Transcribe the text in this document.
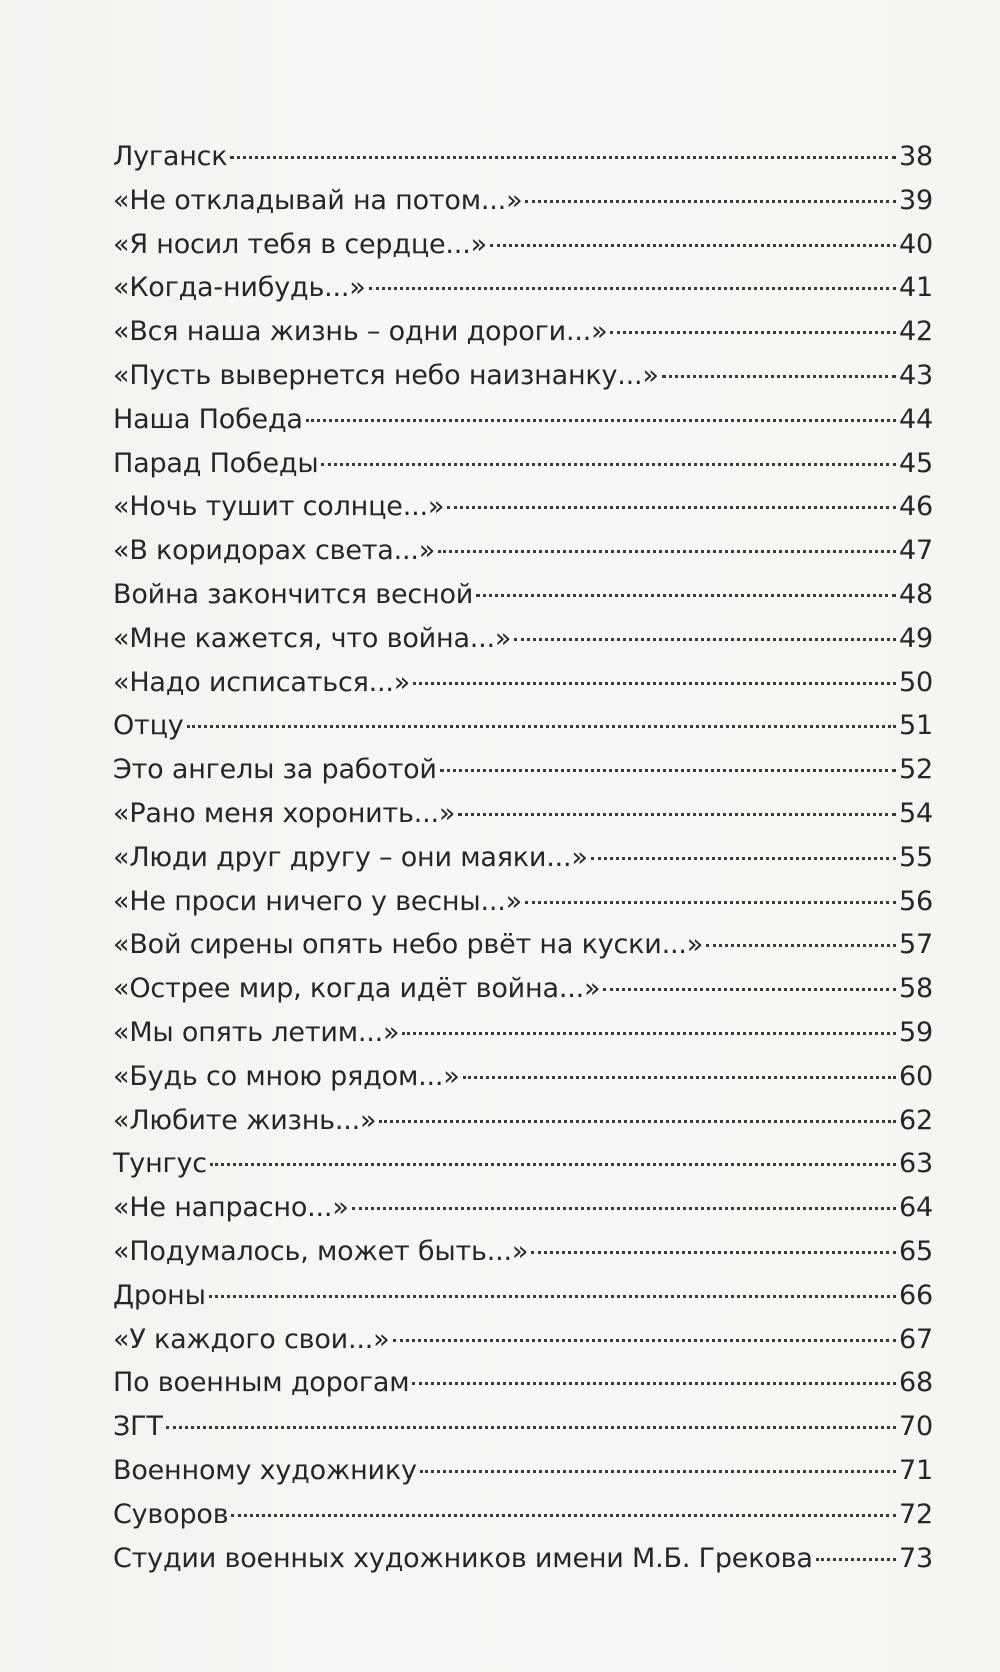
Луганск	38
«Не откладывай на потом...»	39
«Я носил тебя в сердце...»	40
«Когда-нибудь...»	41
«Вся наша жизнь – одни дороги...»	42
«Пусть вывернется небо наизнанку...»	43
Наша Победа	44
Парад Победы	45
«Ночь тушит солнце...»	46
«В коридорах света...»	47
Война закончится весной	48
«Мне кажется, что война...»	49
«Надо исписаться...»	50
Отцу	51
Это ангелы за работой	52
«Рано меня хоронить...»	54
«Люди друг другу – они маяки...»	55
«Не проси ничего у весны...»	56
«Вой сирены опять небо рвёт на куски...»	57
«Острее мир, когда идёт война...»	58
«Мы опять летим...»	59
«Будь со мною рядом...»	60
«Любите жизнь...»	62
Тунгус	63
«Не напрасно...»	64
«Подумалось, может быть...»	65
Дроны	66
«У каждого свои...»	67
По военным дорогам	68
ЗГТ	70
Военному художнику	71
Суворов	72
Студии военных художников имени М.Б. Грекова	73
